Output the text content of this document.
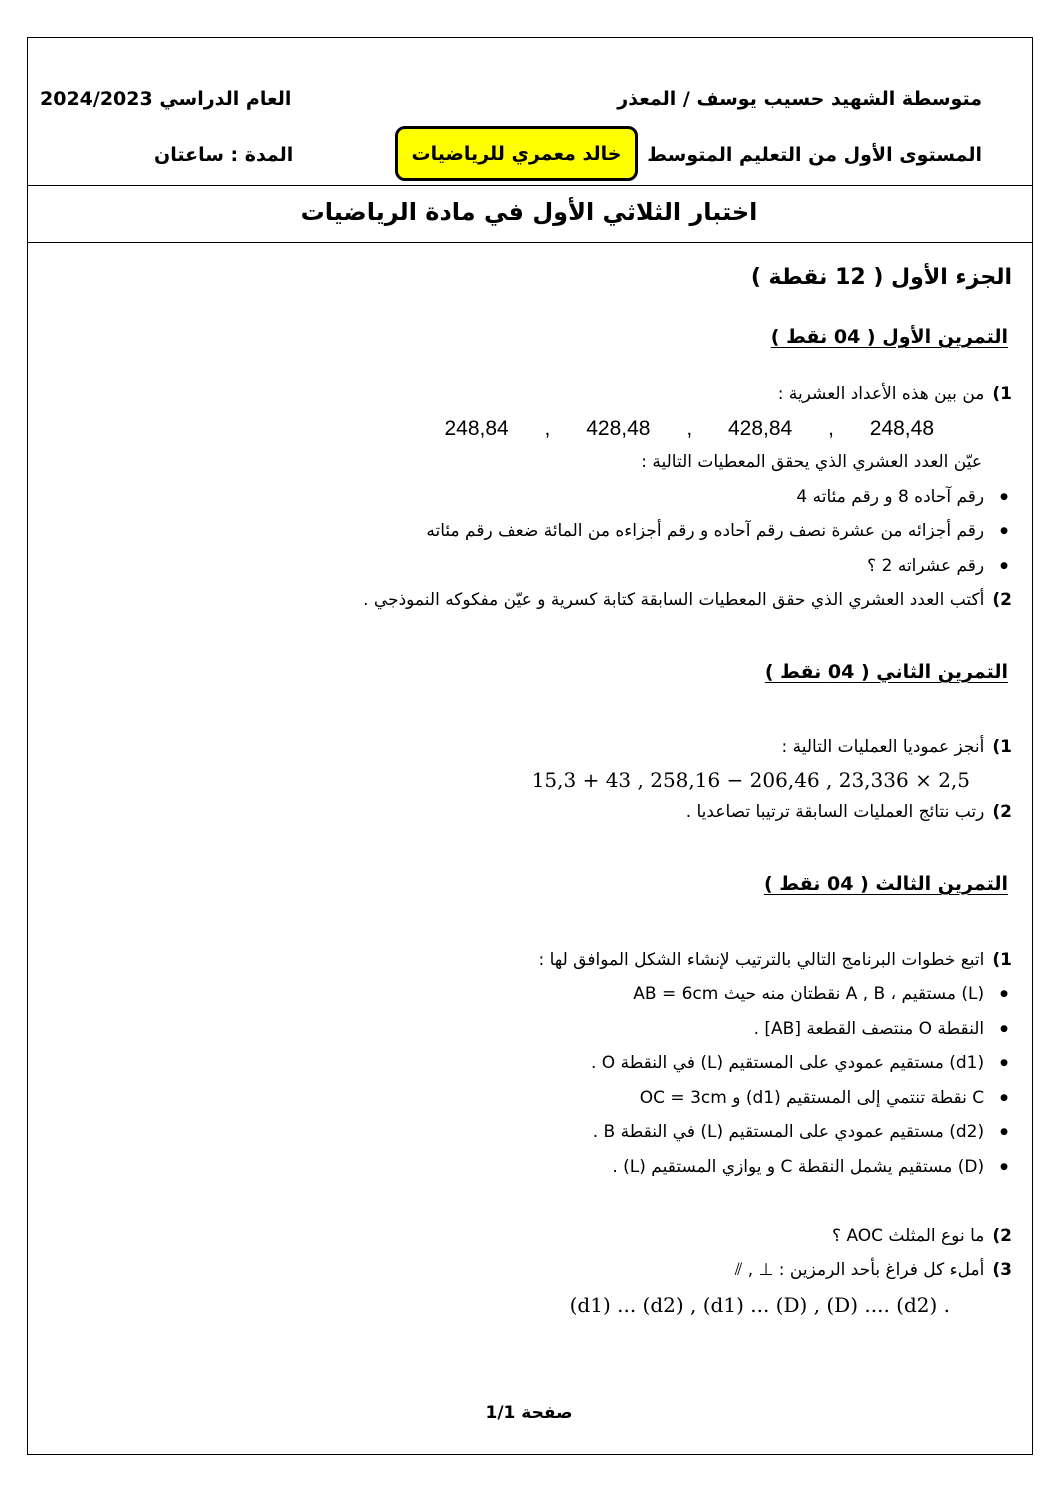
متوسطة الشهيد حسيب يوسف / المعذر
العام الدراسي 2024/2023
المستوى الأول من التعليم المتوسط
خالد معمري للرياضيات
المدة : ساعتان
اختبار الثلاثي الأول في مادة الرياضيات
الجزء الأول ( 12 نقطة )
التمرين الأول ( 04 نقط )
1)من بين هذه الأعداد العشرية :
248,84 , 428,48 , 428,84 , 248,48
عيّن العدد العشري الذي يحقق المعطيات التالية :
● رقم آحاده 8 و رقم مئاته 4
● رقم أجزائه من عشرة نصف رقم آحاده و رقم أجزاءه من المائة ضعف رقم مئاته
● رقم عشراته 2 ؟
2)أكتب العدد العشري الذي حقق المعطيات السابقة كتابة كسرية و عيّن مفكوكه النموذجي .
التمرين الثاني ( 04 نقط )
1)أنجز عموديا العمليات التالية :
15,3 + 43 , 258,16 − 206,46 , 23,336 × 2,5
2)رتب نتائج العمليات السابقة ترتيبا تصاعديا .
التمرين الثالث ( 04 نقط )
1)اتبع خطوات البرنامج التالي بالترتيب لإنشاء الشكل الموافق لها :
● (L) مستقيم ، A , B نقطتان منه حيث AB = 6cm
● النقطة O منتصف القطعة [AB] .
● (d1) مستقيم عمودي على المستقيم (L) في النقطة O .
● C نقطة تنتمي إلى المستقيم (d1) و OC = 3cm
● (d2) مستقيم عمودي على المستقيم (L) في النقطة B .
● (D) مستقيم يشمل النقطة C و يوازي المستقيم (L) .
2)ما نوع المثلث AOC ؟
3)أملء كل فراغ بأحد الرمزين : ⊥ , ⫽
(d1) ... (d2) , (d1) ... (D) , (D) .... (d2) .
صفحة 1/1
